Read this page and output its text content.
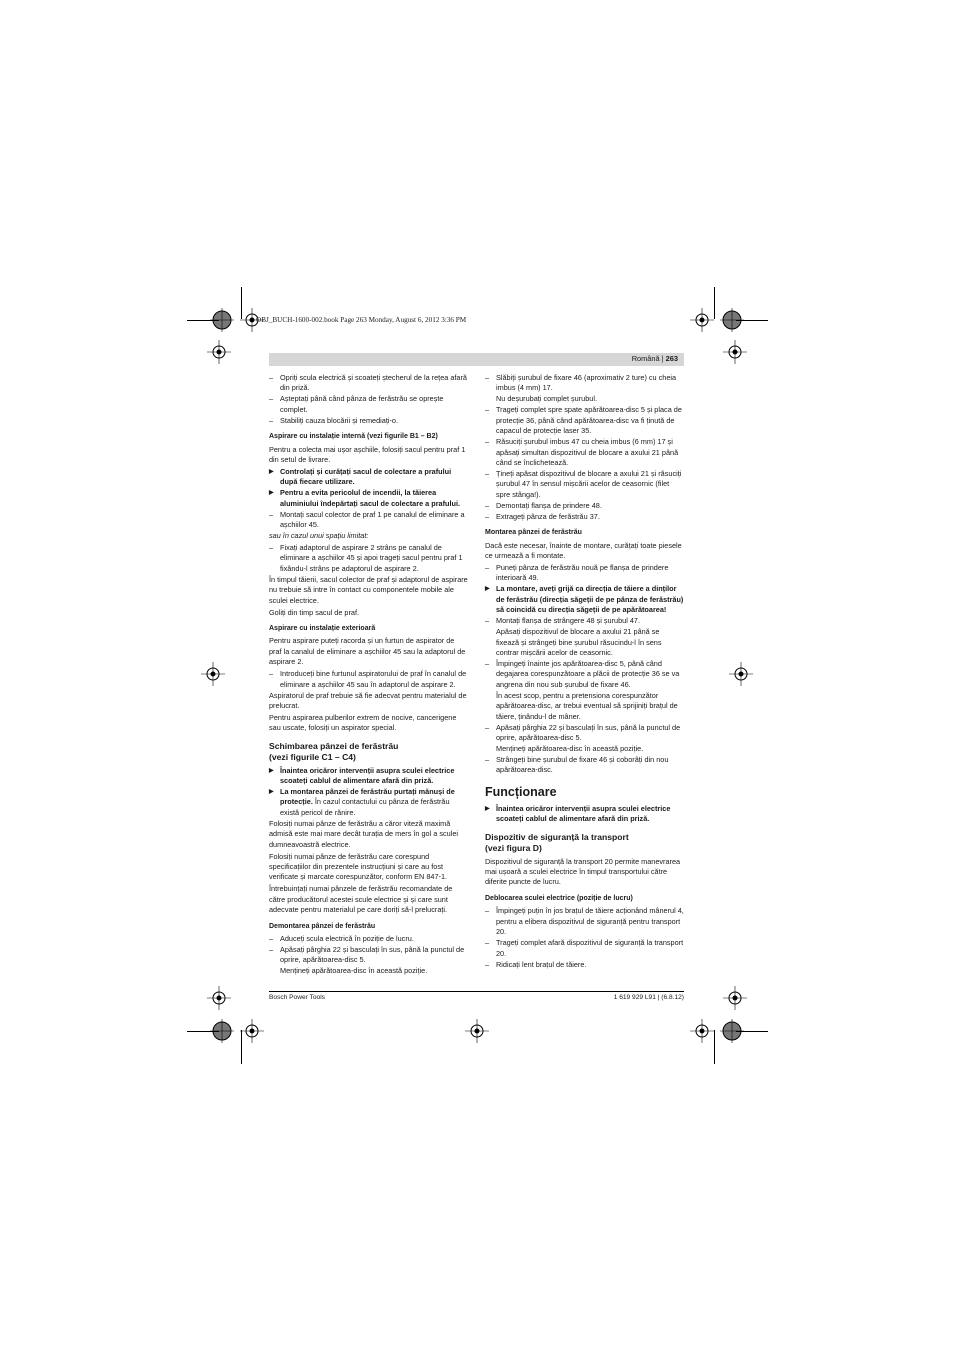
OBJ_BUCH-1600-002.book Page 263 Monday, August 6, 2012 3:36 PM
Română | 263
– Opriți scula electrică și scoateți ștecherul de la rețea afară din priză.
– Așteptați până când pânza de ferăstrău se oprește complet.
– Stabiliți cauza blocării și remediați-o.
Aspirare cu instalație internă (vezi figurile B1 – B2)

Pentru a colecta mai ușor așchiile, folosiți sacul pentru praf 1 din setul de livrare.

▶ Controlați și curățați sacul de colectare a prafului după fiecare utilizare.
▶ Pentru a evita pericolul de incendii, la tăierea aluminiului îndepărtați sacul de colectare a prafului.
– Montați sacul colector de praf 1 pe canalul de eliminare a așchiilor 45.

sau în cazul unui spațiu limitat:

– Fixați adaptorul de aspirare 2 strâns pe canalul de eliminare a așchiilor 45 și apoi trageți sacul pentru praf 1 fixându-l strâns pe adaptorul de aspirare 2.

În timpul tăierii, sacul colector de praf și adaptorul de aspirare nu trebuie să intre în contact cu componentele mobile ale sculei electrice.

Goliți din timp sacul de praf.

Aspirare cu instalație exterioară

Pentru aspirare puteți racorda și un furtun de aspirator de praf la canalul de eliminare a așchiilor 45 sau la adaptorul de aspirare 2.

– Introduceți bine furtunul aspiratorului de praf în canalul de eliminare a așchiilor 45 sau în adaptorul de aspirare 2.

Aspiratorul de praf trebuie să fie adecvat pentru materialul de prelucrat.

Pentru aspirarea pulberilor extrem de nocive, cancerigene sau uscate, folosiți un aspirator special.

Schimbarea pânzei de ferăstrău
(vezi figurile C1 – C4)
▶ Înaintea oricăror intervenții asupra sculei electrice scoateți cablul de alimentare afară din priză.
▶ La montarea pânzei de ferăstrău purtați mănuși de protecție. În cazul contactului cu pânza de ferăstrău există pericol de rănire.

Folosiți numai pânze de ferăstrău a căror viteză maximă admisă este mai mare decât turația de mers în gol a sculei dumneavoastră electrice.

Folosiți numai pânze de ferăstrău care corespund specificațiilor din prezentele instrucțiuni și care au fost verificate și marcate corespunzător, conform EN 847-1.

Întrebuințați numai pânzele de ferăstrău recomandate de către producătorul acestei scule electrice și și care sunt adecvate pentru materialul pe care doriți să-l prelucrați.

Demontarea pânzei de ferăstrău
– Aduceți scula electrică în poziție de lucru.
– Apăsați pârghia 22 și basculați în sus, până la punctul de oprire, apărătoarea-disc 5.
Mențineți apărătoarea-disc în această poziție.
– Slăbiți șurubul de fixare 46 (aproximativ 2 ture) cu cheia imbus (4 mm) 17.
Nu deșurubați complet șurubul.
– Trageți complet spre spate apărătoarea-disc 5 și placa de protecție 36, până când apărătoarea-disc va fi ținută de capacul de protecție laser 35.
– Răsuciți șurubul imbus 47 cu cheia imbus (6 mm) 17 și apăsați simultan dispozitivul de blocare a axului 21 până când se înclichetează.
– Țineți apăsat dispozitivul de blocare a axului 21 și răsuciți șurubul 47 în sensul mișcării acelor de ceasornic (filet spre stânga!).
– Demontați flanșa de prindere 48.
– Extrageți pânza de ferăstrău 37.
Montarea pânzei de ferăstrău

Dacă este necesar, înainte de montare, curățați toate piesele ce urmează a fi montate.

– Puneți pânza de ferăstrău nouă pe flanșa de prindere interioară 49.
▶ La montare, aveți grijă ca direcția de tăiere a dinților de ferăstrău (direcția săgeții de pe pânza de ferăstrău) să coincidă cu direcția săgeții de pe apărătoarea!
– Montați flanșa de strângere 48 și șurubul 47.
Apăsați dispozitivul de blocare a axului 21 până se fixează și strângeți bine șurubul răsucindu-l în sens contrar mișcării acelor de ceasornic.
– Împingeți înainte jos apărătoarea-disc 5, până când degajarea corespunzătoare a plăcii de protecție 36 se va angrena din nou sub șurubul de fixare 46.
În acest scop, pentru a pretensiona corespunzător apărătoarea-disc, ar trebui eventual să sprijiniți brațul de tăiere, ținându-l de mâner.
– Apăsați pârghia 22 și basculați în sus, până la punctul de oprire, apărătoarea-disc 5.
Mențineți apărătoarea-disc în această poziție.
– Strângeți bine șurubul de fixare 46 și coborâți din nou apărătoarea-disc.
Funcționare
▶ Înaintea oricăror intervenții asupra sculei electrice scoateți cablul de alimentare afară din priză.
Dispozitiv de siguranță la transport
(vezi figura D)

Dispozitivul de siguranță la transport 20 permite manevrarea mai ușoară a sculei electrice în timpul transportului către diferite puncte de lucru.

Deblocarea sculei electrice (poziție de lucru)
– Împingeți puțin în jos brațul de tăiere acționând mânerul 4, pentru a elibera dispozitivul de siguranță pentru transport 20.
– Trageți complet afară dispozitivul de siguranță la transport 20.
– Ridicați lent brațul de tăiere.
Bosch Power Tools	1 619 929 L91 | (6.8.12)
